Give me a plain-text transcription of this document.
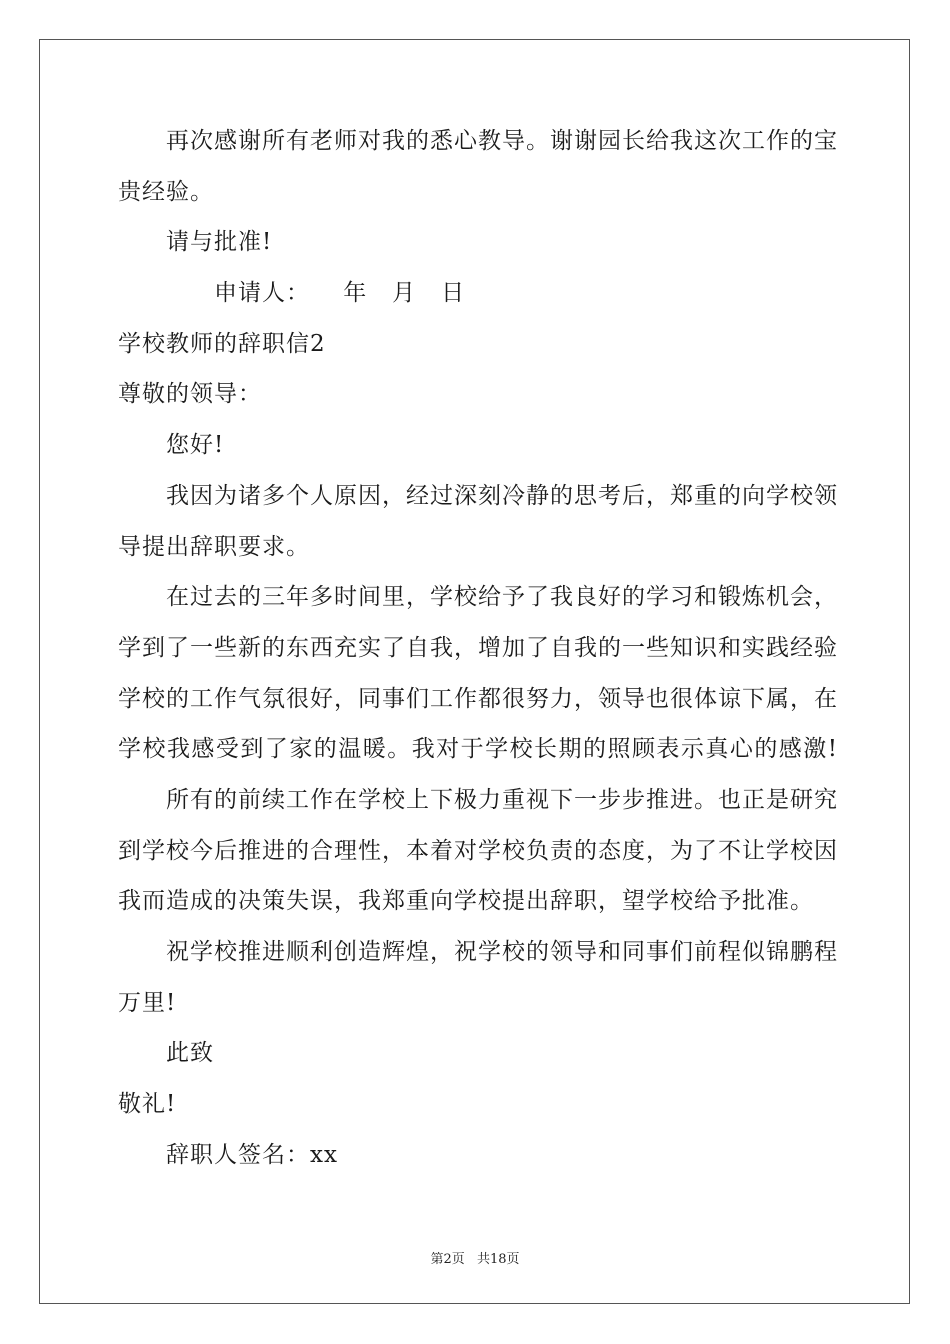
再次感谢所有老师对我的悉心教导。谢谢园长给我这次工作的宝
贵经验。
请与批准!
申请人：    年   月   日
学校教师的辞职信2
尊敬的领导：
您好!
我因为诸多个人原因，经过深刻冷静的思考后，郑重的向学校领
导提出辞职要求。
在过去的三年多时间里，学校给予了我良好的学习和锻炼机会，
学到了一些新的东西充实了自我，增加了自我的一些知识和实践经验
学校的工作气氛很好，同事们工作都很努力，领导也很体谅下属，在
学校我感受到了家的温暖。我对于学校长期的照顾表示真心的感激!
所有的前续工作在学校上下极力重视下一步步推进。也正是研究
到学校今后推进的合理性，本着对学校负责的态度，为了不让学校因
我而造成的决策失误，我郑重向学校提出辞职，望学校给予批准。
祝学校推进顺利创造辉煌，祝学校的领导和同事们前程似锦鹏程
万里!
此致
敬礼!
辞职人签名：xx
第2页 共18页
